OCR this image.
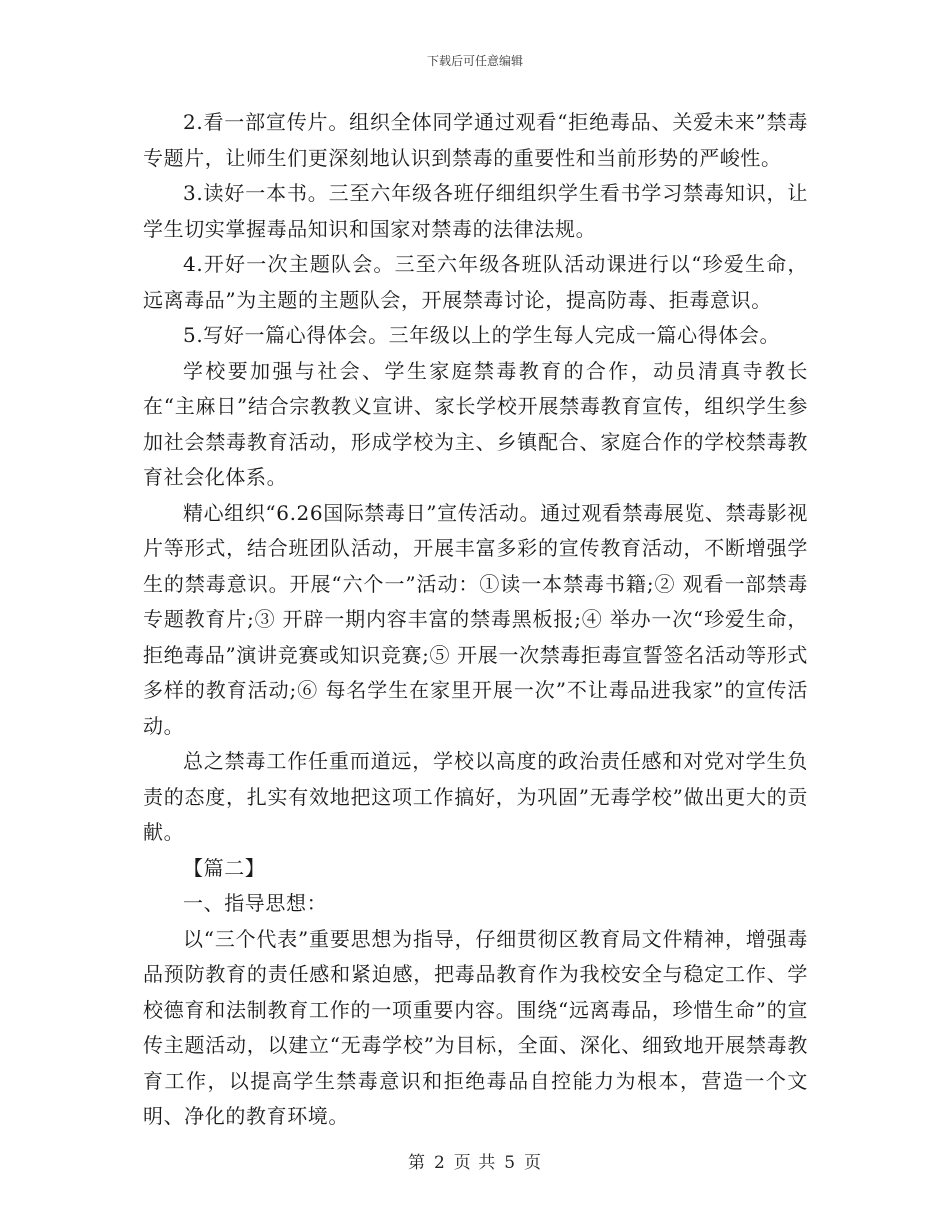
下载后可任意编辑

2.看一部宣传片。组织全体同学通过观看“拒绝毒品、关爱未来”禁毒专题片，让师生们更深刻地认识到禁毒的重要性和当前形势的严峻性。

3.读好一本书。三至六年级各班仔细组织学生看书学习禁毒知识，让学生切实掌握毒品知识和国家对禁毒的法律法规。

4.开好一次主题队会。三至六年级各班队活动课进行以“珍爱生命，远离毒品”为主题的主题队会，开展禁毒讨论，提高防毒、拒毒意识。

5.写好一篇心得体会。三年级以上的学生每人完成一篇心得体会。

学校要加强与社会、学生家庭禁毒教育的合作，动员清真寺教长在“主麻日”结合宗教教义宣讲、家长学校开展禁毒教育宣传，组织学生参加社会禁毒教育活动，形成学校为主、乡镇配合、家庭合作的学校禁毒教育社会化体系。

精心组织“6.26国际禁毒日”宣传活动。通过观看禁毒展览、禁毒影视片等形式，结合班团队活动，开展丰富多彩的宣传教育活动，不断增强学生的禁毒意识。开展“六个一”活动：①读一本禁毒书籍;② 观看一部禁毒专题教育片;③ 开辟一期内容丰富的禁毒黑板报;④ 举办一次“珍爱生命，拒绝毒品”演讲竞赛或知识竞赛;⑤ 开展一次禁毒拒毒宣誓签名活动等形式多样的教育活动;⑥ 每名学生在家里开展一次”不让毒品进我家”的宣传活动。

总之禁毒工作任重而道远，学校以高度的政治责任感和对党对学生负责的态度，扎实有效地把这项工作搞好，为巩固”无毒学校”做出更大的贡献。

【篇二】

一、指导思想：

以“三个代表”重要思想为指导，仔细贯彻区教育局文件精神，增强毒品预防教育的责任感和紧迫感，把毒品教育作为我校安全与稳定工作、学校德育和法制教育工作的一项重要内容。围绕“远离毒品，珍惜生命”的宣传主题活动，以建立“无毒学校”为目标，全面、深化、细致地开展禁毒教育工作，以提高学生禁毒意识和拒绝毒品自控能力为根本，营造一个文明、净化的教育环境。

第 2 页 共 5 页
